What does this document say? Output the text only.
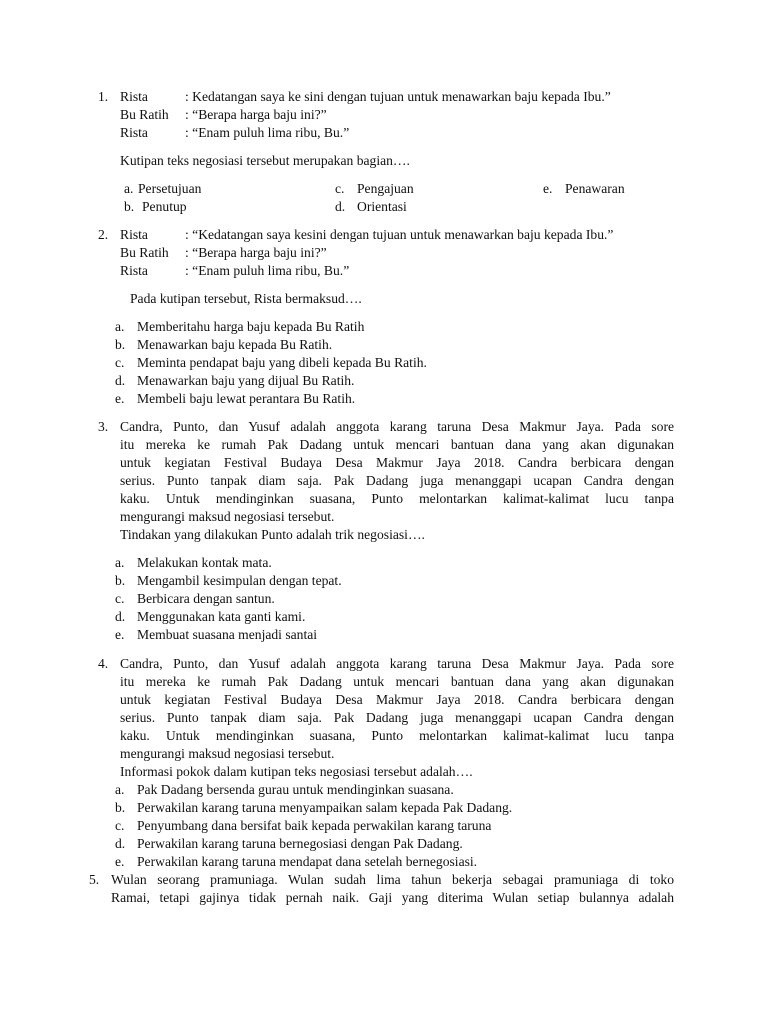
1. Rista	: Kedatangan saya ke sini dengan tujuan untuk menawarkan baju kepada Ibu.”
Bu Ratih : “Berapa harga baju ini?”
Rista	: “Enam puluh lima ribu, Bu.”
Kutipan teks negosiasi tersebut merupakan bagian….
a. Persetujuan	c. Pengajuan	e. Penawaran
b. Penutup	d. Orientasi
2. Rista	: “Kedatangan saya kesini dengan tujuan untuk menawarkan baju kepada Ibu.”
Bu Ratih : “Berapa harga baju ini?”
Rista	: “Enam puluh lima ribu, Bu.”
Pada kutipan tersebut, Rista bermaksud….
a. Memberitahu harga baju kepada Bu Ratih
b. Menawarkan baju kepada Bu Ratih.
c. Meminta pendapat baju yang dibeli kepada Bu Ratih.
d. Menawarkan baju yang dijual Bu Ratih.
e. Membeli baju lewat perantara Bu Ratih.
3. Candra, Punto, dan Yusuf adalah anggota karang taruna Desa Makmur Jaya. Pada sore
itu mereka ke rumah Pak Dadang untuk mencari bantuan dana yang akan digunakan
untuk kegiatan Festival Budaya Desa Makmur Jaya 2018. Candra berbicara dengan
serius. Punto tanpak diam saja. Pak Dadang juga menanggapi ucapan Candra dengan
kaku. Untuk mendinginkan suasana, Punto melontarkan kalimat-kalimat lucu tanpa
mengurangi maksud negosiasi tersebut.
Tindakan yang dilakukan Punto adalah trik negosiasi….
a. Melakukan kontak mata.
b. Mengambil kesimpulan dengan tepat.
c. Berbicara dengan santun.
d. Menggunakan kata ganti kami.
e. Membuat suasana menjadi santai
4. Candra, Punto, dan Yusuf adalah anggota karang taruna Desa Makmur Jaya. Pada sore
itu mereka ke rumah Pak Dadang untuk mencari bantuan dana yang akan digunakan
untuk kegiatan Festival Budaya Desa Makmur Jaya 2018. Candra berbicara dengan
serius. Punto tanpak diam saja. Pak Dadang juga menanggapi ucapan Candra dengan
kaku. Untuk mendinginkan suasana, Punto melontarkan kalimat-kalimat lucu tanpa
mengurangi maksud negosiasi tersebut.
Informasi pokok dalam kutipan teks negosiasi tersebut adalah….
a. Pak Dadang bersenda gurau untuk mendinginkan suasana.
b. Perwakilan karang taruna menyampaikan salam kepada Pak Dadang.
c. Penyumbang dana bersifat baik kepada perwakilan karang taruna
d. Perwakilan karang taruna bernegosiasi dengan Pak Dadang.
e. Perwakilan karang taruna mendapat dana setelah bernegosiasi.
5. Wulan seorang pramuniaga. Wulan sudah lima tahun bekerja sebagai pramuniaga di toko
Ramai, tetapi gajinya tidak pernah naik. Gaji yang diterima Wulan setiap bulannya adalah
